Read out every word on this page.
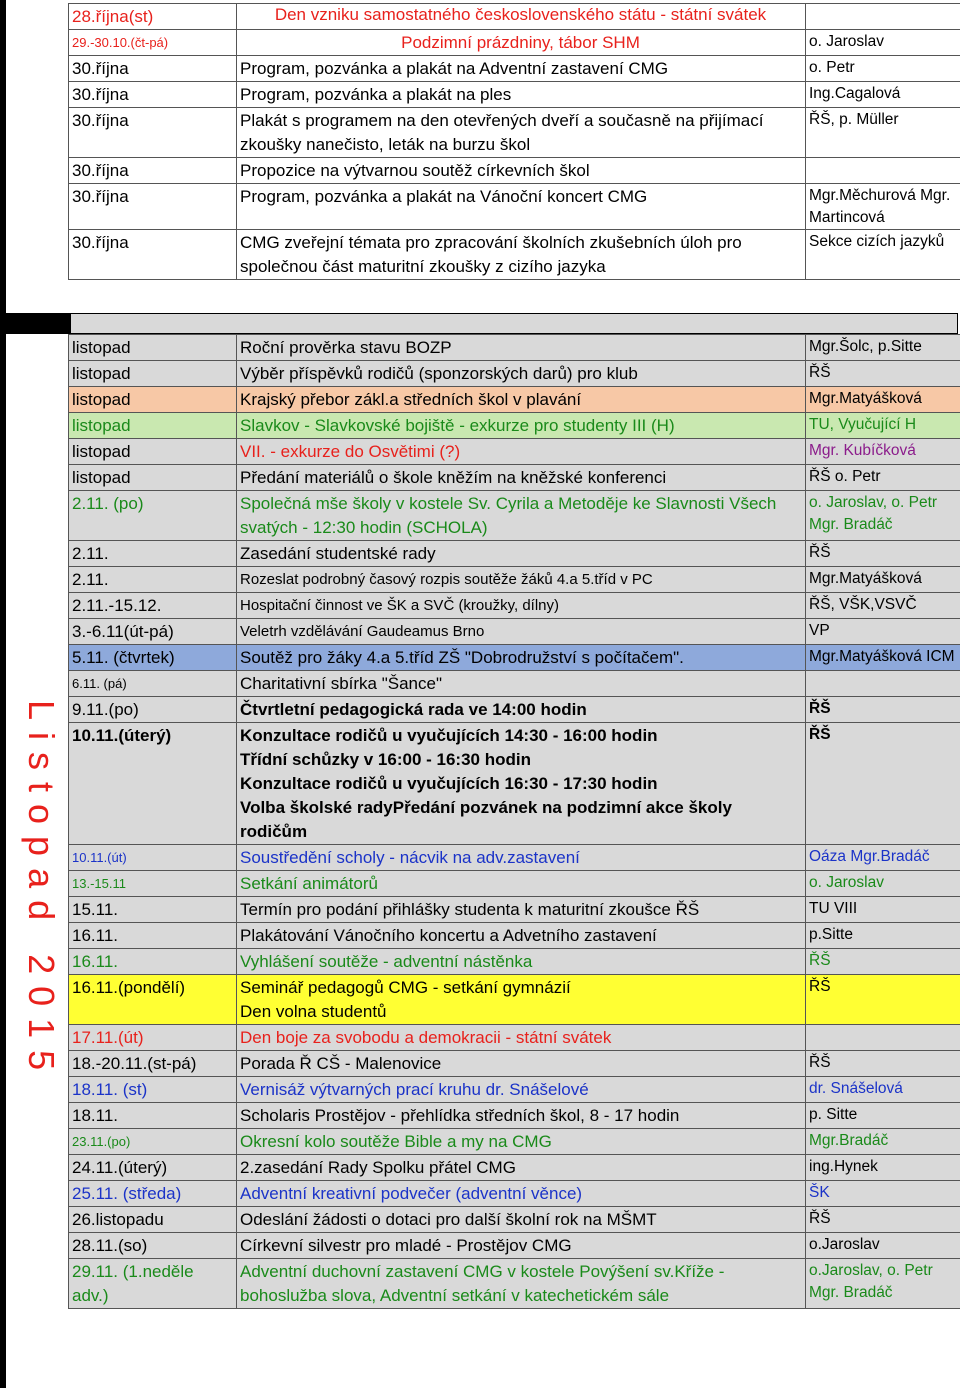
Listopad 2015
28.října(st)	Den vzniku samostatného československého státu - státní svátek	
29.-30.10.(čt-pá)	Podzimní prázdniny, tábor SHM	o. Jaroslav
30.října	Program, pozvánka a plakát na Adventní zastavení CMG	o. Petr
30.října	Program, pozvánka a plakát na ples	Ing.Cagalová
30.října	Plakát s programem na den otevřených dveří a současně na přijímací zkoušky nanečisto, leták na burzu škol	ŘŠ, p. Müller
30.října	Propozice na výtvarnou soutěž církevních škol	
30.října	Program, pozvánka a plakát na Vánoční koncert CMG	Mgr.Měchurová Mgr. Martincová
30.října	CMG zveřejní témata pro zpracování školních zkušebních úloh pro společnou část maturitní zkoušky z cizího jazyka	Sekce cizích jazyků
listopad	Roční prověrka stavu BOZP	Mgr.Šolc, p.Sitte
listopad	Výběr příspěvků rodičů (sponzorských darů) pro klub	ŘŠ
listopad	Krajský přebor zákl.a středních škol v plavání	Mgr.Matyášková
listopad	Slavkov - Slavkovské bojiště - exkurze pro studenty III (H)	TU, Vyučující H
listopad	VII. - exkurze do Osvětimi (?)	Mgr. Kubíčková
listopad	Předání materiálů o škole kněžím na kněžské konferenci	ŘŠ o. Petr
2.11. (po)	Společná mše školy v kostele Sv. Cyrila a Metoděje ke Slavnosti Všech svatých - 12:30 hodin (SCHOLA)	o. Jaroslav, o. Petr Mgr. Bradáč
2.11.	Zasedání studentské rady	ŘŠ
2.11.	Rozeslat podrobný časový rozpis soutěže žáků 4.a 5.tříd v PC	Mgr.Matyášková
2.11.-15.12.	Hospitační činnost ve ŠK a SVČ (kroužky, dílny)	ŘŠ, VŠK,VSVČ
3.-6.11(út-pá)	Veletrh vzdělávání Gaudeamus Brno	VP
5.11. (čtvrtek)	Soutěž pro žáky 4.a 5.tříd ZŠ "Dobrodružství s počítačem".	Mgr.Matyášková ICM
6.11. (pá)	Charitativní sbírka "Šance"	
9.11.(po)	Čtvrtletní pedagogická rada ve 14:00 hodin	ŘŠ
10.11.(úterý)	Konzultace rodičů u vyučujících 14:30 - 16:00 hodin
Třídní schůzky v 16:00 - 16:30 hodin
Konzultace rodičů u vyučujících 16:30 - 17:30 hodin
Volba školské radyPředání pozvánek na podzimní akce školy rodičům	ŘŠ
10.11.(út)	Soustředění scholy - nácvik na adv.zastavení	Oáza Mgr.Bradáč
13.-15.11	Setkání animátorů	o. Jaroslav
15.11.	Termín pro podání přihlášky studenta k maturitní zkoušce ŘŠ	TU VIII
16.11.	Plakátování Vánočního koncertu a Advetního zastavení	p.Sitte
16.11.	Vyhlášení soutěže - adventní nástěnka	ŘŠ
16.11.(pondělí)	Seminář pedagogů CMG - setkání gymnázií
Den volna studentů	ŘŠ
17.11.(út)	Den boje za svobodu a demokracii - státní svátek	
18.-20.11.(st-pá)	Porada Ř CŠ - Malenovice	ŘŠ
18.11. (st)	Vernisáž výtvarných prací kruhu dr. Snášelové	dr. Snášelová
18.11.	Scholaris Prostějov - přehlídka středních škol, 8 - 17 hodin	p. Sitte
23.11.(po)	Okresní kolo soutěže Bible a my na CMG	Mgr.Bradáč
24.11.(úterý)	2.zasedání Rady Spolku přátel CMG	ing.Hynek
25.11. (středa)	Adventní kreativní podvečer (adventní věnce)	ŠK
26.listopadu	Odeslání žádosti o dotaci pro další školní rok na MŠMT	ŘŠ
28.11.(so)	Církevní silvestr pro mladé - Prostějov CMG	o.Jaroslav
29.11. (1.neděle adv.)	Adventní duchovní zastavení CMG v kostele Povýšení sv.Kříže - bohoslužba slova, Adventní setkání v katechetickém sále	o.Jaroslav, o. Petr Mgr. Bradáč
